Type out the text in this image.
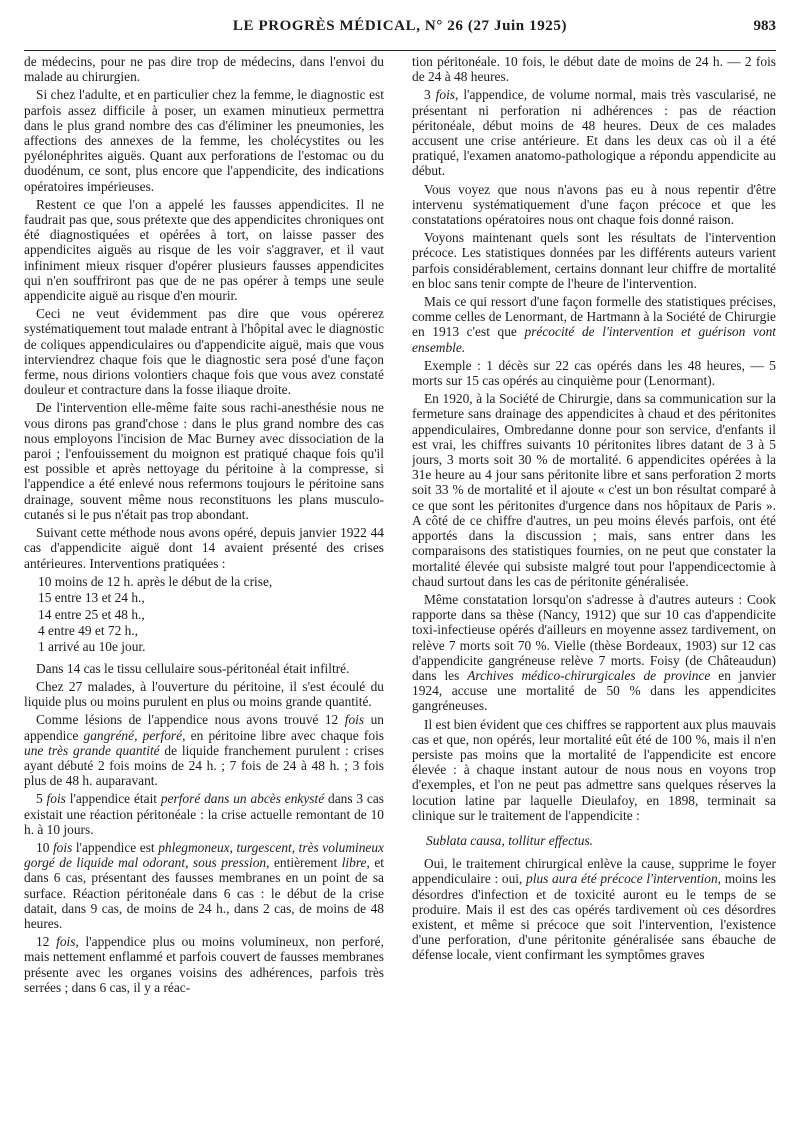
LE PROGRÈS MÉDICAL, N° 26 (27 Juin 1925)	983

de médecins, pour ne pas dire trop de médecins, dans l'envoi du malade au chirurgien.

Si chez l'adulte, et en particulier chez la femme, le diagnostic est parfois assez difficile à poser, un examen minutieux permettra dans le plus grand nombre des cas d'éliminer les pneumonies, les affections des annexes de la femme, les cholécystites ou les pyélonéphrites aiguës. Quant aux perforations de l'estomac ou du duodénum, ce sont, plus encore que l'appendicite, des indications opératoires impérieuses.

Restent ce que l'on a appelé les fausses appendicites. Il ne faudrait pas que, sous prétexte que des appendicites chroniques ont été diagnostiquées et opérées à tort, on laisse passer des appendicites aiguës au risque de les voir s'aggraver, et il vaut infiniment mieux risquer d'opérer plusieurs fausses appendicites qui n'en souffriront pas que de ne pas opérer à temps une seule appendicite aiguë au risque d'en mourir.

Ceci ne veut évidemment pas dire que vous opérerez systématiquement tout malade entrant à l'hôpital avec le diagnostic de coliques appendiculaires ou d'appendicite aiguë, mais que vous interviendrez chaque fois que le diagnostic sera posé d'une façon ferme, nous dirions volontiers chaque fois que vous avez constaté douleur et contracture dans la fosse iliaque droite.

De l'intervention elle-même faite sous rachi-anesthésie nous ne vous dirons pas grand'chose : dans le plus grand nombre des cas nous employons l'incision de Mac Burney avec dissociation de la paroi ; l'enfouissement du moignon est pratiqué chaque fois qu'il est possible et après nettoyage du péritoine à la compresse, si l'appendice a été enlevé nous refermons toujours le péritoine sans drainage, souvent même nous reconstituons les plans musculo-cutanés si le pus n'était pas trop abondant.

Suivant cette méthode nous avons opéré, depuis janvier 1922 44 cas d'appendicite aiguë dont 14 avaient présenté des crises antérieures. Interventions pratiquées :

10 moins de 12 h. après le début de la crise,
15 entre 13 et 24 h.,
14 entre 25 et 48 h.,
4 entre 49 et 72 h.,
1 arrivé au 10e jour.

Dans 14 cas le tissu cellulaire sous-péritonéal était infiltré.

Chez 27 malades, à l'ouverture du péritoine, il s'est écoulé du liquide plus ou moins purulent en plus ou moins grande quantité.

Comme lésions de l'appendice nous avons trouvé 12 fois un appendice gangréné, perforé, en péritoine libre avec chaque fois une très grande quantité de liquide franchement purulent : crises ayant débuté 2 fois moins de 24 h. ; 7 fois de 24 à 48 h. ; 3 fois plus de 48 h. auparavant.

5 fois l'appendice était perforé dans un abcès enkysté dans 3 cas existait une réaction péritonéale : la crise actuelle remontant de 10 h. à 10 jours.

10 fois l'appendice est phlegmoneux, turgescent, très volumineux gorgé de liquide mal odorant, sous pression, entièrement libre, et dans 6 cas, présentant des fausses membranes en un point de sa surface. Réaction péritonéale dans 6 cas : le début de la crise datait, dans 9 cas, de moins de 24 h., dans 2 cas, de moins de 48 heures.

12 fois, l'appendice plus ou moins volumineux, non perforé, mais nettement enflammé et parfois couvert de fausses membranes présente avec les organes voisins des adhérences, parfois très serrées ; dans 6 cas, il y a réac-

tion péritonéale. 10 fois, le début date de moins de 24 h. — 2 fois de 24 à 48 heures.

3 fois, l'appendice, de volume normal, mais très vascularisé, ne présentant ni perforation ni adhérences : pas de réaction péritonéale, début moins de 48 heures. Deux de ces malades accusent une crise antérieure. Et dans les deux cas où il a été pratiqué, l'examen anatomo-pathologique a répondu appendicite au début.

Vous voyez que nous n'avons pas eu à nous repentir d'être intervenu systématiquement d'une façon précoce et que les constatations opératoires nous ont chaque fois donné raison.

Voyons maintenant quels sont les résultats de l'intervention précoce. Les statistiques données par les différents auteurs varient parfois considérablement, certains donnant leur chiffre de mortalité en bloc sans tenir compte de l'heure de l'intervention.

Mais ce qui ressort d'une façon formelle des statistiques précises, comme celles de Lenormant, de Hartmann à la Société de Chirurgie en 1913 c'est que précocité de l'intervention et guérison vont ensemble.

Exemple : 1 décès sur 22 cas opérés dans les 48 heures, — 5 morts sur 15 cas opérés au cinquième pour (Lenormant).

En 1920, à la Société de Chirurgie, dans sa communication sur la fermeture sans drainage des appendicites à chaud et des péritonites appendiculaires, Ombredanne donne pour son service, d'enfants il est vrai, les chiffres suivants 10 péritonites libres datant de 3 à 5 jours, 3 morts soit 30 % de mortalité. 6 appendicites opérées à la 31e heure au 4 jour sans péritonite libre et sans perforation 2 morts soit 33 % de mortalité et il ajoute « c'est un bon résultat comparé à ce que sont les péritonites d'urgence dans nos hôpitaux de Paris ». A côté de ce chiffre d'autres, un peu moins élevés parfois, ont été apportés dans la discussion ; mais, sans entrer dans les comparaisons des statistiques fournies, on ne peut que constater la mortalité élevée qui subsiste malgré tout pour l'appendicectomie à chaud surtout dans les cas de péritonite généralisée.

Même constatation lorsqu'on s'adresse à d'autres auteurs : Cook rapporte dans sa thèse (Nancy, 1912) que sur 10 cas d'appendicite toxi-infectieuse opérés d'ailleurs en moyenne assez tardivement, on relève 7 morts soit 70 %. Vielle (thèse Bordeaux, 1903) sur 12 cas d'appendicite gangréneuse relève 7 morts. Foisy (de Châteaudun) dans les Archives médico-chirurgicales de province en janvier 1924, accuse une mortalité de 50 % dans les appendicites gangréneuses.

Il est bien évident que ces chiffres se rapportent aux plus mauvais cas et que, non opérés, leur mortalité eût été de 100 %, mais il n'en persiste pas moins que la mortalité de l'appendicite est encore élevée : à chaque instant autour de nous nous en voyons trop d'exemples, et l'on ne peut pas admettre sans quelques réserves la locution latine par laquelle Dieulafoy, en 1898, terminait sa clinique sur le traitement de l'appendicite :

Sublata causa, tollitur effectus.

Oui, le traitement chirurgical enlève la cause, supprime le foyer appendiculaire : oui, plus aura été précoce l'intervention, moins les désordres d'infection et de toxicité auront eu le temps de se produire. Mais il est des cas opérés tardivement où ces désordres existent, et même si précoce que soit l'intervention, l'existence d'une perforation, d'une péritonite généralisée sans ébauche de défense locale, vient confirmant les symptômes graves
